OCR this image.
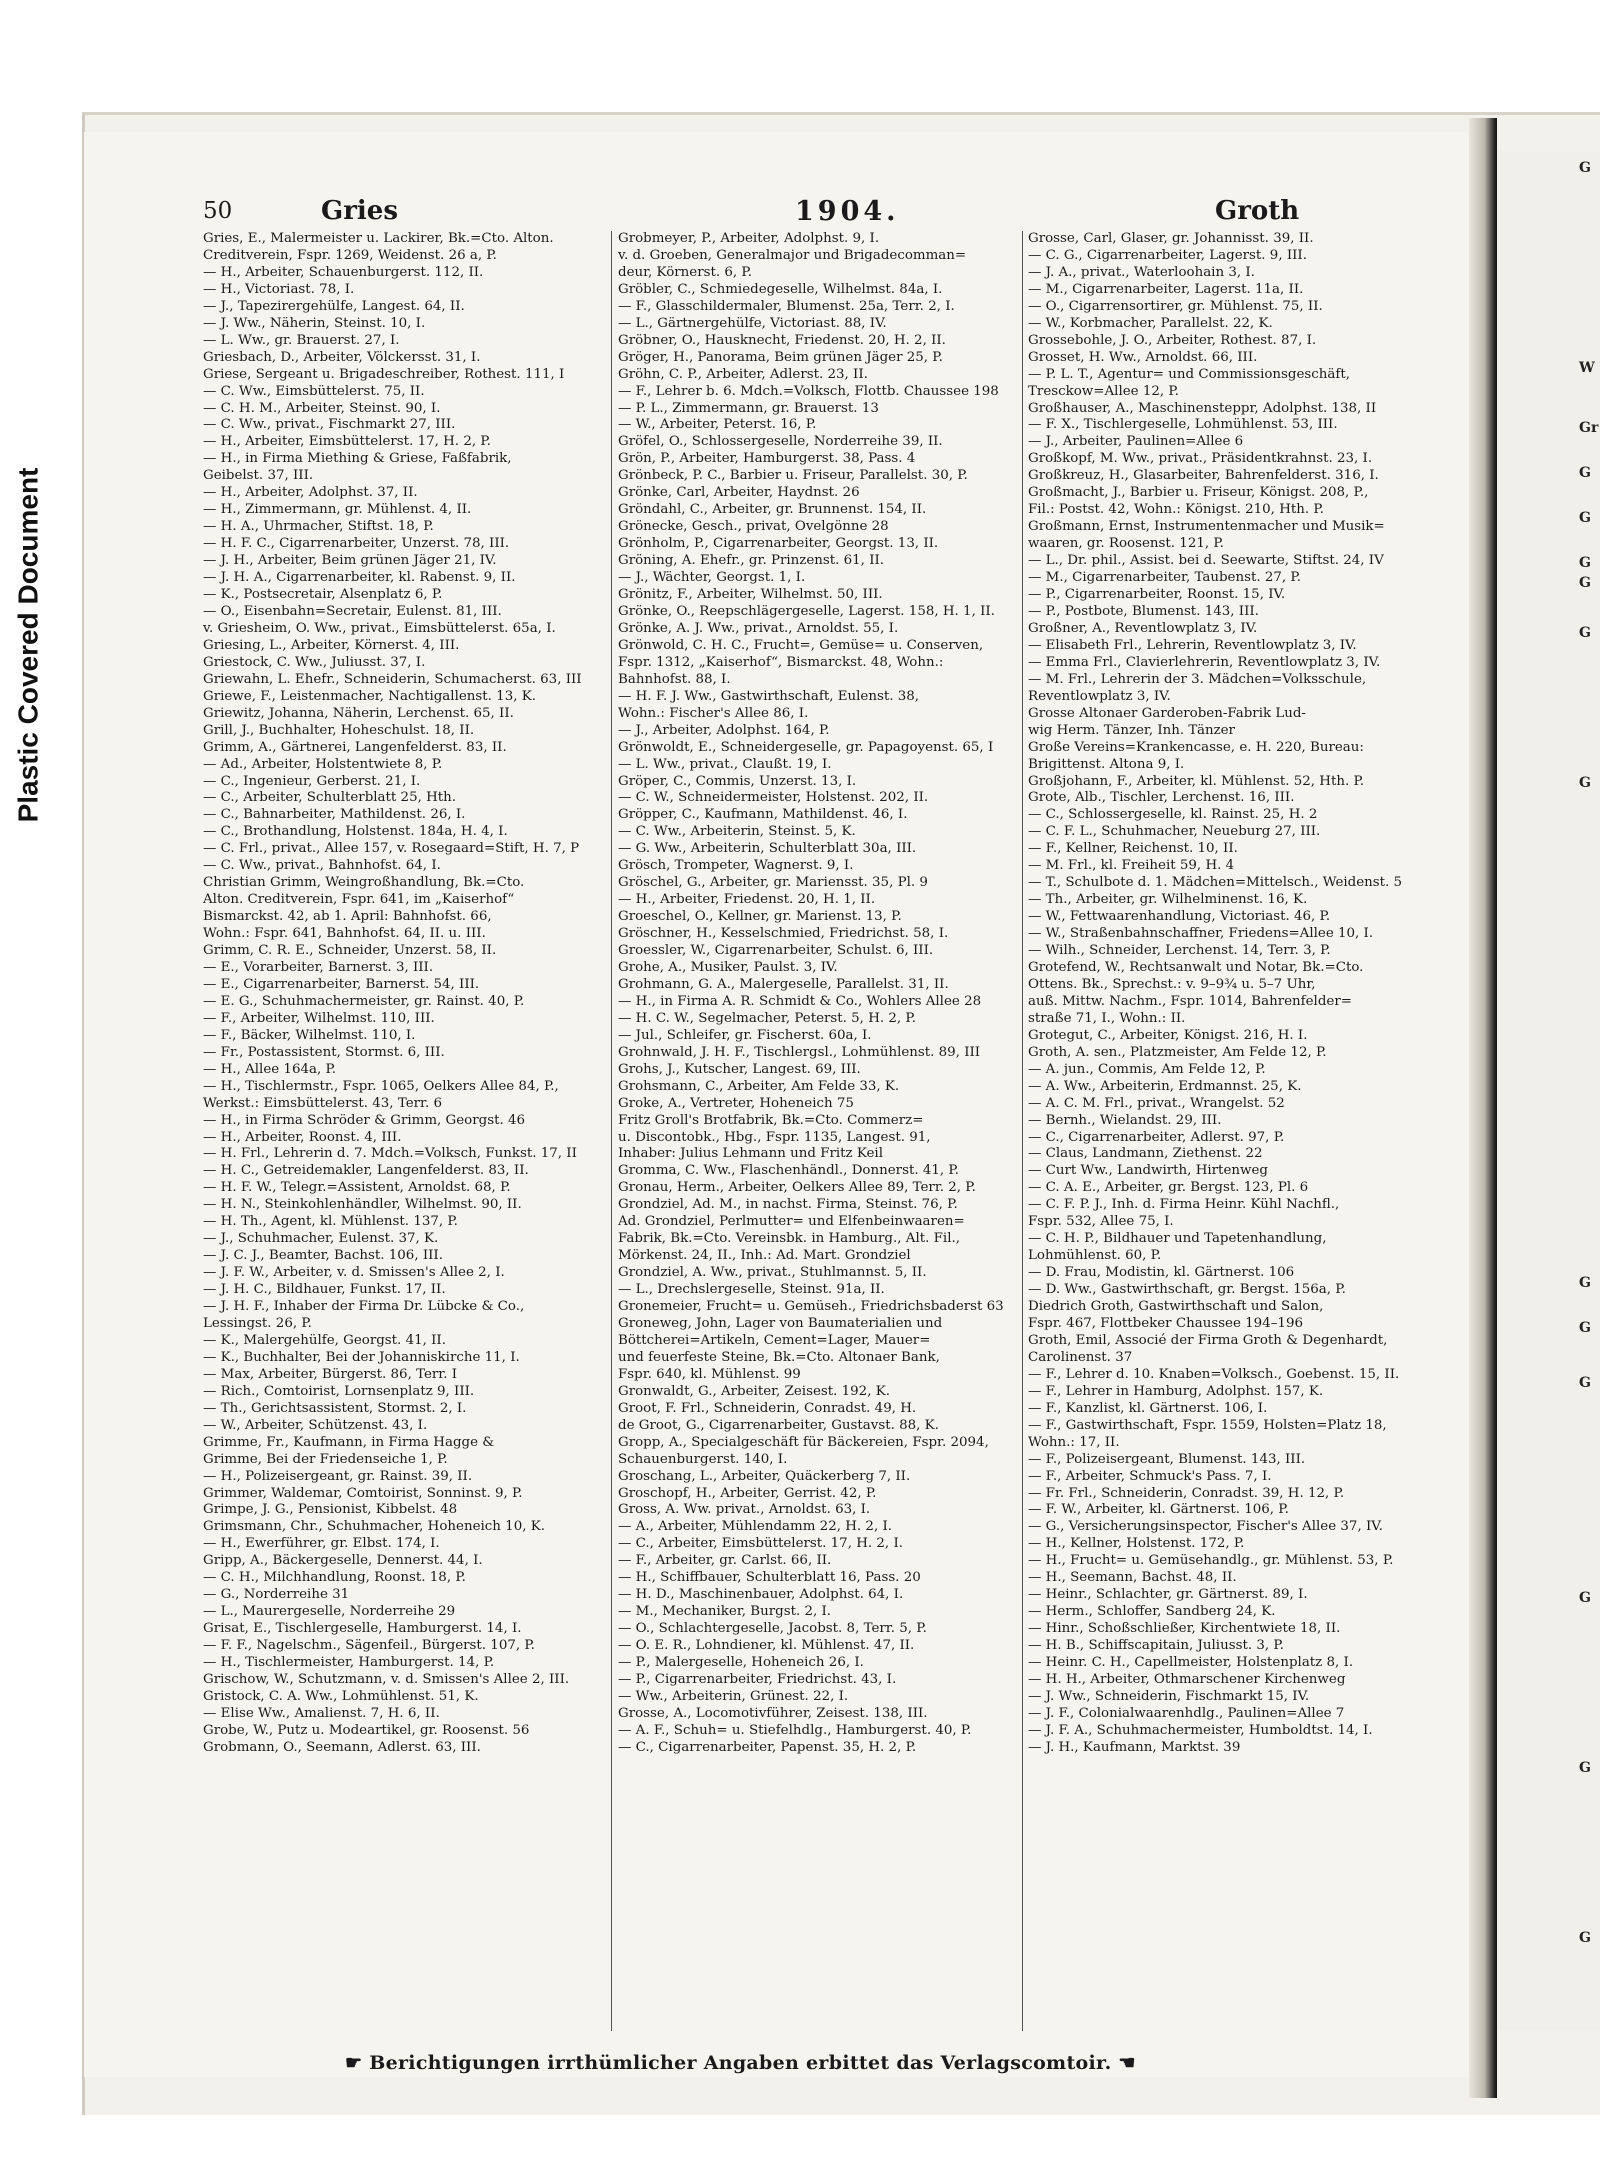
G
W
Gr
G
G
G
G
G
G
G
G
G
G
G
G
Plastic Covered Document
50	Gries	1904.	Groth
Gries, E., Malermeister u. Lackirer, Bk.=Cto. Alton.
Creditverein, Fspr. 1269, Weidenst. 26 a, P.
— H., Arbeiter, Schauenburgerst. 112, II.
— H., Victoriast. 78, I.
— J., Tapezirergehülfe, Langest. 64, II.
— J. Ww., Näherin, Steinst. 10, I.
— L. Ww., gr. Brauerst. 27, I.
Griesbach, D., Arbeiter, Völckersst. 31, I.
Griese, Sergeant u. Brigadeschreiber, Rothest. 111, I
— C. Ww., Eimsbüttelerst. 75, II.
— C. H. M., Arbeiter, Steinst. 90, I.
— C. Ww., privat., Fischmarkt 27, III.
— H., Arbeiter, Eimsbüttelerst. 17, H. 2, P.
— H., in Firma Miething & Griese, Faßfabrik,
Geibelst. 37, III.
— H., Arbeiter, Adolphst. 37, II.
— H., Zimmermann, gr. Mühlenst. 4, II.
— H. A., Uhrmacher, Stiftst. 18, P.
— H. F. C., Cigarrenarbeiter, Unzerst. 78, III.
— J. H., Arbeiter, Beim grünen Jäger 21, IV.
— J. H. A., Cigarrenarbeiter, kl. Rabenst. 9, II.
— K., Postsecretair, Alsenplatz 6, P.
— O., Eisenbahn=Secretair, Eulenst. 81, III.
v. Griesheim, O. Ww., privat., Eimsbüttelerst. 65a, I.
Griesing, L., Arbeiter, Körnerst. 4, III.
Griestock, C. Ww., Juliusst. 37, I.
Griewahn, L. Ehefr., Schneiderin, Schumacherst. 63, III
Griewe, F., Leistenmacher, Nachtigallenst. 13, K.
Griewitz, Johanna, Näherin, Lerchenst. 65, II.
Grill, J., Buchhalter, Hoheschulst. 18, II.
Grimm, A., Gärtnerei, Langenfelderst. 83, II.
— Ad., Arbeiter, Holstentwiete 8, P.
— C., Ingenieur, Gerberst. 21, I.
— C., Arbeiter, Schulterblatt 25, Hth.
— C., Bahnarbeiter, Mathildenst. 26, I.
— C., Brothandlung, Holstenst. 184a, H. 4, I.
— C. Frl., privat., Allee 157, v. Rosegaard=Stift, H. 7, P
— C. Ww., privat., Bahnhofst. 64, I.
Christian Grimm, Weingroßhandlung, Bk.=Cto.
Alton. Creditverein, Fspr. 641, im „Kaiserhof“
Bismarckst. 42, ab 1. April: Bahnhofst. 66,
Wohn.: Fspr. 641, Bahnhofst. 64, II. u. III.
Grimm, C. R. E., Schneider, Unzerst. 58, II.
— E., Vorarbeiter, Barnerst. 3, III.
— E., Cigarrenarbeiter, Barnerst. 54, III.
— E. G., Schuhmachermeister, gr. Rainst. 40, P.
— F., Arbeiter, Wilhelmst. 110, III.
— F., Bäcker, Wilhelmst. 110, I.
— Fr., Postassistent, Stormst. 6, III.
— H., Allee 164a, P.
— H., Tischlermstr., Fspr. 1065, Oelkers Allee 84, P.,
Werkst.: Eimsbüttelerst. 43, Terr. 6
— H., in Firma Schröder & Grimm, Georgst. 46
— H., Arbeiter, Roonst. 4, III.
— H. Frl., Lehrerin d. 7. Mdch.=Volksch, Funkst. 17, II
— H. C., Getreidemakler, Langenfelderst. 83, II.
— H. F. W., Telegr.=Assistent, Arnoldst. 68, P.
— H. N., Steinkohlenhändler, Wilhelmst. 90, II.
— H. Th., Agent, kl. Mühlenst. 137, P.
— J., Schuhmacher, Eulenst. 37, K.
— J. C. J., Beamter, Bachst. 106, III.
— J. F. W., Arbeiter, v. d. Smissen's Allee 2, I.
— J. H. C., Bildhauer, Funkst. 17, II.
— J. H. F., Inhaber der Firma Dr. Lübcke & Co.,
Lessingst. 26, P.
— K., Malergehülfe, Georgst. 41, II.
— K., Buchhalter, Bei der Johanniskirche 11, I.
— Max, Arbeiter, Bürgerst. 86, Terr. I
— Rich., Comtoirist, Lornsenplatz 9, III.
— Th., Gerichtsassistent, Stormst. 2, I.
— W., Arbeiter, Schützenst. 43, I.
Grimme, Fr., Kaufmann, in Firma Hagge &
Grimme, Bei der Friedenseiche 1, P.
— H., Polizeisergeant, gr. Rainst. 39, II.
Grimmer, Waldemar, Comtoirist, Sonninst. 9, P.
Grimpe, J. G., Pensionist, Kibbelst. 48
Grimsmann, Chr., Schuhmacher, Hoheneich 10, K.
— H., Ewerführer, gr. Elbst. 174, I.
Gripp, A., Bäckergeselle, Dennerst. 44, I.
— C. H., Milchhandlung, Roonst. 18, P.
— G., Norderreihe 31
— L., Maurergeselle, Norderreihe 29
Grisat, E., Tischlergeselle, Hamburgerst. 14, I.
— F. F., Nagelschm., Sägenfeil., Bürgerst. 107, P.
— H., Tischlermeister, Hamburgerst. 14, P.
Grischow, W., Schutzmann, v. d. Smissen's Allee 2, III.
Gristock, C. A. Ww., Lohmühlenst. 51, K.
— Elise Ww., Amalienst. 7, H. 6, II.
Grobe, W., Putz u. Modeartikel, gr. Roosenst. 56
Grobmann, O., Seemann, Adlerst. 63, III.
Grobmeyer, P., Arbeiter, Adolphst. 9, I.
v. d. Groeben, Generalmajor und Brigadecomman=
deur, Körnerst. 6, P.
Gröbler, C., Schmiedegeselle, Wilhelmst. 84a, I.
— F., Glasschildermaler, Blumenst. 25a, Terr. 2, I.
— L., Gärtnergehülfe, Victoriast. 88, IV.
Gröbner, O., Hausknecht, Friedenst. 20, H. 2, II.
Gröger, H., Panorama, Beim grünen Jäger 25, P.
Gröhn, C. P., Arbeiter, Adlerst. 23, II.
— F., Lehrer b. 6. Mdch.=Volksch, Flottb. Chaussee 198
— P. L., Zimmermann, gr. Brauerst. 13
— W., Arbeiter, Peterst. 16, P.
Gröfel, O., Schlossergeselle, Norderreihe 39, II.
Grön, P., Arbeiter, Hamburgerst. 38, Pass. 4
Grönbeck, P. C., Barbier u. Friseur, Parallelst. 30, P.
Grönke, Carl, Arbeiter, Haydnst. 26
Gröndahl, C., Arbeiter, gr. Brunnenst. 154, II.
Grönecke, Gesch., privat, Ovelgönne 28
Grönholm, P., Cigarrenarbeiter, Georgst. 13, II.
Gröning, A. Ehefr., gr. Prinzenst. 61, II.
— J., Wächter, Georgst. 1, I.
Grönitz, F., Arbeiter, Wilhelmst. 50, III.
Grönke, O., Reepschlägergeselle, Lagerst. 158, H. 1, II.
Grönke, A. J. Ww., privat., Arnoldst. 55, I.
Grönwold, C. H. C., Frucht=, Gemüse= u. Conserven,
Fspr. 1312, „Kaiserhof“, Bismarckst. 48, Wohn.:
Bahnhofst. 88, I.
— H. F. J. Ww., Gastwirthschaft, Eulenst. 38,
Wohn.: Fischer's Allee 86, I.
— J., Arbeiter, Adolphst. 164, P.
Grönwoldt, E., Schneidergeselle, gr. Papagoyenst. 65, I
— L. Ww., privat., Claußt. 19, I.
Gröper, C., Commis, Unzerst. 13, I.
— C. W., Schneidermeister, Holstenst. 202, II.
Gröpper, C., Kaufmann, Mathildenst. 46, I.
— C. Ww., Arbeiterin, Steinst. 5, K.
— G. Ww., Arbeiterin, Schulterblatt 30a, III.
Grösch, Trompeter, Wagnerst. 9, I.
Gröschel, G., Arbeiter, gr. Mariensst. 35, Pl. 9
— H., Arbeiter, Friedenst. 20, H. 1, II.
Groeschel, O., Kellner, gr. Marienst. 13, P.
Gröschner, H., Kesselschmied, Friedrichst. 58, I.
Groessler, W., Cigarrenarbeiter, Schulst. 6, III.
Grohe, A., Musiker, Paulst. 3, IV.
Grohmann, G. A., Malergeselle, Parallelst. 31, II.
— H., in Firma A. R. Schmidt & Co., Wohlers Allee 28
— H. C. W., Segelmacher, Peterst. 5, H. 2, P.
— Jul., Schleifer, gr. Fischerst. 60a, I.
Grohnwald, J. H. F., Tischlergsl., Lohmühlenst. 89, III
Grohs, J., Kutscher, Langest. 69, III.
Grohsmann, C., Arbeiter, Am Felde 33, K.
Groke, A., Vertreter, Hoheneich 75
Fritz Groll's Brotfabrik, Bk.=Cto. Commerz=
u. Discontobk., Hbg., Fspr. 1135, Langest. 91,
Inhaber: Julius Lehmann und Fritz Keil
Gromma, C. Ww., Flaschenhändl., Donnerst. 41, P.
Gronau, Herm., Arbeiter, Oelkers Allee 89, Terr. 2, P.
Grondziel, Ad. M., in nachst. Firma, Steinst. 76, P.
Ad. Grondziel, Perlmutter= und Elfenbeinwaaren=
Fabrik, Bk.=Cto. Vereinsbk. in Hamburg., Alt. Fil.,
Mörkenst. 24, II., Inh.: Ad. Mart. Grondziel
Grondziel, A. Ww., privat., Stuhlmannst. 5, II.
— L., Drechslergeselle, Steinst. 91a, II.
Gronemeier, Frucht= u. Gemüseh., Friedrichsbaderst 63
Groneweg, John, Lager von Baumaterialien und
Böttcherei=Artikeln, Cement=Lager, Mauer=
und feuerfeste Steine, Bk.=Cto. Altonaer Bank,
Fspr. 640, kl. Mühlenst. 99
Gronwaldt, G., Arbeiter, Zeisest. 192, K.
Groot, F. Frl., Schneiderin, Conradst. 49, H.
de Groot, G., Cigarrenarbeiter, Gustavst. 88, K.
Gropp, A., Specialgeschäft für Bäckereien, Fspr. 2094,
Schauenburgerst. 140, I.
Groschang, L., Arbeiter, Quäckerberg 7, II.
Groschopf, H., Arbeiter, Gerrist. 42, P.
Gross, A. Ww. privat., Arnoldst. 63, I.
— A., Arbeiter, Mühlendamm 22, H. 2, I.
— C., Arbeiter, Eimsbüttelerst. 17, H. 2, I.
— F., Arbeiter, gr. Carlst. 66, II.
— H., Schiffbauer, Schulterblatt 16, Pass. 20
— H. D., Maschinenbauer, Adolphst. 64, I.
— M., Mechaniker, Burgst. 2, I.
— O., Schlachtergeselle, Jacobst. 8, Terr. 5, P.
— O. E. R., Lohndiener, kl. Mühlenst. 47, II.
— P., Malergeselle, Hoheneich 26, I.
— P., Cigarrenarbeiter, Friedrichst. 43, I.
— Ww., Arbeiterin, Grünest. 22, I.
Grosse, A., Locomotivführer, Zeisest. 138, III.
— A. F., Schuh= u. Stiefelhdlg., Hamburgerst. 40, P.
— C., Cigarrenarbeiter, Papenst. 35, H. 2, P.
Grosse, Carl, Glaser, gr. Johannisst. 39, II.
— C. G., Cigarrenarbeiter, Lagerst. 9, III.
— J. A., privat., Waterloohain 3, I.
— M., Cigarrenarbeiter, Lagerst. 11a, II.
— O., Cigarrensortirer, gr. Mühlenst. 75, II.
— W., Korbmacher, Parallelst. 22, K.
Grossebohle, J. O., Arbeiter, Rothest. 87, I.
Grosset, H. Ww., Arnoldst. 66, III.
— P. L. T., Agentur= und Commissionsgeschäft,
Tresckow=Allee 12, P.
Großhauser, A., Maschinensteppr, Adolphst. 138, II
— F. X., Tischlergeselle, Lohmühlenst. 53, III.
— J., Arbeiter, Paulinen=Allee 6
Großkopf, M. Ww., privat., Präsidentkrahnst. 23, I.
Großkreuz, H., Glasarbeiter, Bahrenfelderst. 316, I.
Großmacht, J., Barbier u. Friseur, Königst. 208, P.,
Fil.: Postst. 42, Wohn.: Königst. 210, Hth. P.
Großmann, Ernst, Instrumentenmacher und Musik=
waaren, gr. Roosenst. 121, P.
— L., Dr. phil., Assist. bei d. Seewarte, Stiftst. 24, IV
— M., Cigarrenarbeiter, Taubenst. 27, P.
— P., Cigarrenarbeiter, Roonst. 15, IV.
— P., Postbote, Blumenst. 143, III.
Großner, A., Reventlowplatz 3, IV.
— Elisabeth Frl., Lehrerin, Reventlowplatz 3, IV.
— Emma Frl., Clavierlehrerin, Reventlowplatz 3, IV.
— M. Frl., Lehrerin der 3. Mädchen=Volksschule,
Reventlowplatz 3, IV.
Grosse Altonaer Garderoben-Fabrik Lud-
wig Herm. Tänzer, Inh. Tänzer
Große Vereins=Krankencasse, e. H. 220, Bureau:
Brigittenst. Altona 9, I.
Großjohann, F., Arbeiter, kl. Mühlenst. 52, Hth. P.
Grote, Alb., Tischler, Lerchenst. 16, III.
— C., Schlossergeselle, kl. Rainst. 25, H. 2
— C. F. L., Schuhmacher, Neueburg 27, III.
— F., Kellner, Reichenst. 10, II.
— M. Frl., kl. Freiheit 59, H. 4
— T., Schulbote d. 1. Mädchen=Mittelsch., Weidenst. 5
— Th., Arbeiter, gr. Wilhelminenst. 16, K.
— W., Fettwaarenhandlung, Victoriast. 46, P.
— W., Straßenbahnschaffner, Friedens=Allee 10, I.
— Wilh., Schneider, Lerchenst. 14, Terr. 3, P.
Grotefend, W., Rechtsanwalt und Notar, Bk.=Cto.
Ottens. Bk., Sprechst.: v. 9–9¾ u. 5–7 Uhr,
auß. Mittw. Nachm., Fspr. 1014, Bahrenfelder=
straße 71, I., Wohn.: II.
Grotegut, C., Arbeiter, Königst. 216, H. I.
Groth, A. sen., Platzmeister, Am Felde 12, P.
— A. jun., Commis, Am Felde 12, P.
— A. Ww., Arbeiterin, Erdmannst. 25, K.
— A. C. M. Frl., privat., Wrangelst. 52
— Bernh., Wielandst. 29, III.
— C., Cigarrenarbeiter, Adlerst. 97, P.
— Claus, Landmann, Ziethenst. 22
— Curt Ww., Landwirth, Hirtenweg
— C. A. E., Arbeiter, gr. Bergst. 123, Pl. 6
— C. F. P. J., Inh. d. Firma Heinr. Kühl Nachfl.,
Fspr. 532, Allee 75, I.
— C. H. P., Bildhauer und Tapetenhandlung,
Lohmühlenst. 60, P.
— D. Frau, Modistin, kl. Gärtnerst. 106
— D. Ww., Gastwirthschaft, gr. Bergst. 156a, P.
Diedrich Groth, Gastwirthschaft und Salon,
Fspr. 467, Flottbeker Chaussee 194–196
Groth, Emil, Associé der Firma Groth & Degenhardt,
Carolinenst. 37
— F., Lehrer d. 10. Knaben=Volksch., Goebenst. 15, II.
— F., Lehrer in Hamburg, Adolphst. 157, K.
— F., Kanzlist, kl. Gärtnerst. 106, I.
— F., Gastwirthschaft, Fspr. 1559, Holsten=Platz 18,
Wohn.: 17, II.
— F., Polizeisergeant, Blumenst. 143, III.
— F., Arbeiter, Schmuck's Pass. 7, I.
— Fr. Frl., Schneiderin, Conradst. 39, H. 12, P.
— F. W., Arbeiter, kl. Gärtnerst. 106, P.
— G., Versicherungsinspector, Fischer's Allee 37, IV.
— H., Kellner, Holstenst. 172, P.
— H., Frucht= u. Gemüsehandlg., gr. Mühlenst. 53, P.
— H., Seemann, Bachst. 48, II.
— Heinr., Schlachter, gr. Gärtnerst. 89, I.
— Herm., Schloffer, Sandberg 24, K.
— Hinr., Schoßschließer, Kirchentwiete 18, II.
— H. B., Schiffscapitain, Juliusst. 3, P.
— Heinr. C. H., Capellmeister, Holstenplatz 8, I.
— H. H., Arbeiter, Othmarschener Kirchenweg
— J. Ww., Schneiderin, Fischmarkt 15, IV.
— J. F., Colonialwaarenhdlg., Paulinen=Allee 7
— J. F. A., Schuhmachermeister, Humboldtst. 14, I.
— J. H., Kaufmann, Marktst. 39
☛ Berichtigungen irrthümlicher Angaben erbittet das Verlagscomtoir. ☚
